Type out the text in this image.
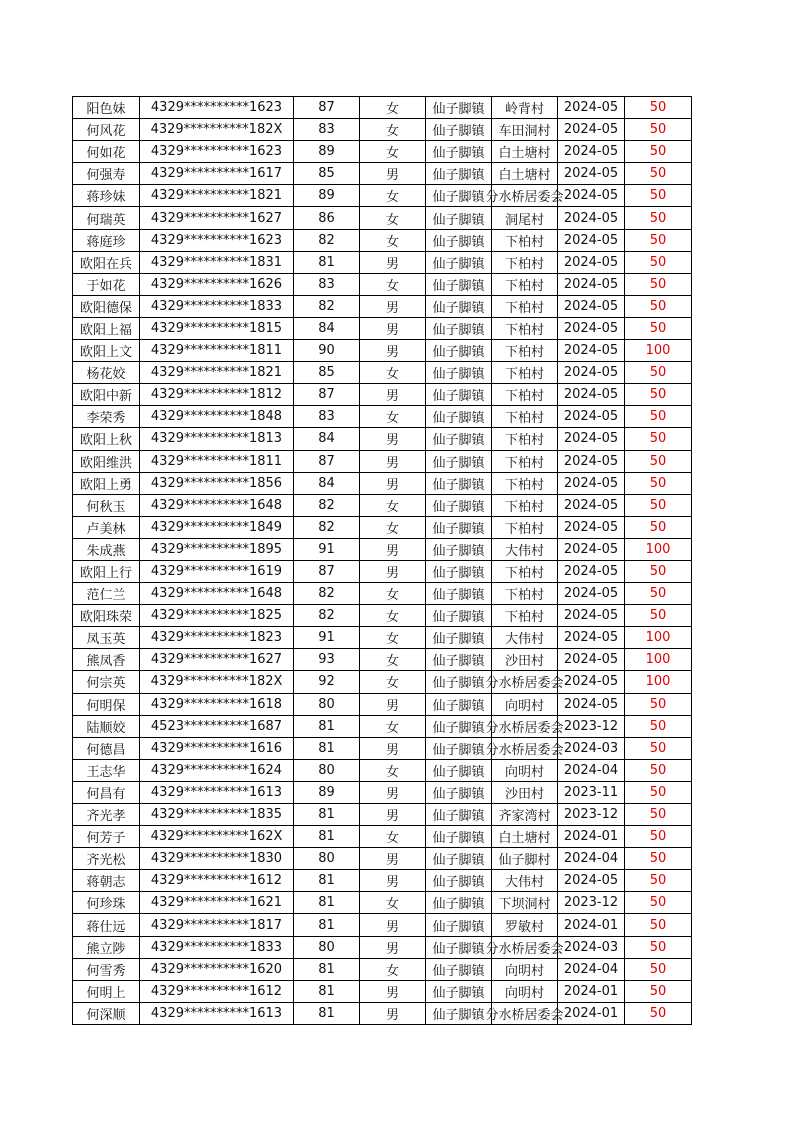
阳色妹	4329**********1623	87	女	仙子脚镇	岭背村	2024-05	50

何风花	4329**********182X	83	女	仙子脚镇	车田洞村	2024-05	50

何如花	4329**********1623	89	女	仙子脚镇	白土塘村	2024-05	50

何强寿	4329**********1617	85	男	仙子脚镇	白土塘村	2024-05	50

蒋珍妹	4329**********1821	89	女	仙子脚镇	分水桥居委会	2024-05	50

何瑞英	4329**********1627	86	女	仙子脚镇	洞尾村	2024-05	50

蒋庭珍	4329**********1623	82	女	仙子脚镇	下柏村	2024-05	50

欧阳在兵	4329**********1831	81	男	仙子脚镇	下柏村	2024-05	50

于如花	4329**********1626	83	女	仙子脚镇	下柏村	2024-05	50

欧阳德保	4329**********1833	82	男	仙子脚镇	下柏村	2024-05	50

欧阳上福	4329**********1815	84	男	仙子脚镇	下柏村	2024-05	50

欧阳上文	4329**********1811	90	男	仙子脚镇	下柏村	2024-05	100

杨花姣	4329**********1821	85	女	仙子脚镇	下柏村	2024-05	50

欧阳中新	4329**********1812	87	男	仙子脚镇	下柏村	2024-05	50

李荣秀	4329**********1848	83	女	仙子脚镇	下柏村	2024-05	50

欧阳上秋	4329**********1813	84	男	仙子脚镇	下柏村	2024-05	50

欧阳维洪	4329**********1811	87	男	仙子脚镇	下柏村	2024-05	50

欧阳上勇	4329**********1856	84	男	仙子脚镇	下柏村	2024-05	50

何秋玉	4329**********1648	82	女	仙子脚镇	下柏村	2024-05	50

卢美林	4329**********1849	82	女	仙子脚镇	下柏村	2024-05	50

朱成燕	4329**********1895	91	男	仙子脚镇	大伟村	2024-05	100

欧阳上行	4329**********1619	87	男	仙子脚镇	下柏村	2024-05	50

范仁兰	4329**********1648	82	女	仙子脚镇	下柏村	2024-05	50

欧阳珠荣	4329**********1825	82	女	仙子脚镇	下柏村	2024-05	50

凤玉英	4329**********1823	91	女	仙子脚镇	大伟村	2024-05	100

熊凤香	4329**********1627	93	女	仙子脚镇	沙田村	2024-05	100

何宗英	4329**********182X	92	女	仙子脚镇	分水桥居委会	2024-05	100

何明保	4329**********1618	80	男	仙子脚镇	向明村	2024-05	50

陆顺姣	4523**********1687	81	女	仙子脚镇	分水桥居委会	2023-12	50

何德昌	4329**********1616	81	男	仙子脚镇	分水桥居委会	2024-03	50

王志华	4329**********1624	80	女	仙子脚镇	向明村	2024-04	50

何昌有	4329**********1613	89	男	仙子脚镇	沙田村	2023-11	50

齐光孝	4329**********1835	81	男	仙子脚镇	齐家湾村	2023-12	50

何芳子	4329**********162X	81	女	仙子脚镇	白土塘村	2024-01	50

齐光松	4329**********1830	80	男	仙子脚镇	仙子脚村	2024-04	50

蒋朝志	4329**********1612	81	男	仙子脚镇	大伟村	2024-05	50

何珍珠	4329**********1621	81	女	仙子脚镇	下坝洞村	2023-12	50

蒋仕远	4329**********1817	81	男	仙子脚镇	罗敏村	2024-01	50

熊立陟	4329**********1833	80	男	仙子脚镇	分水桥居委会	2024-03	50

何雪秀	4329**********1620	81	女	仙子脚镇	向明村	2024-04	50

何明上	4329**********1612	81	男	仙子脚镇	向明村	2024-01	50

何深顺	4329**********1613	81	男	仙子脚镇	分水桥居委会	2024-01	50
